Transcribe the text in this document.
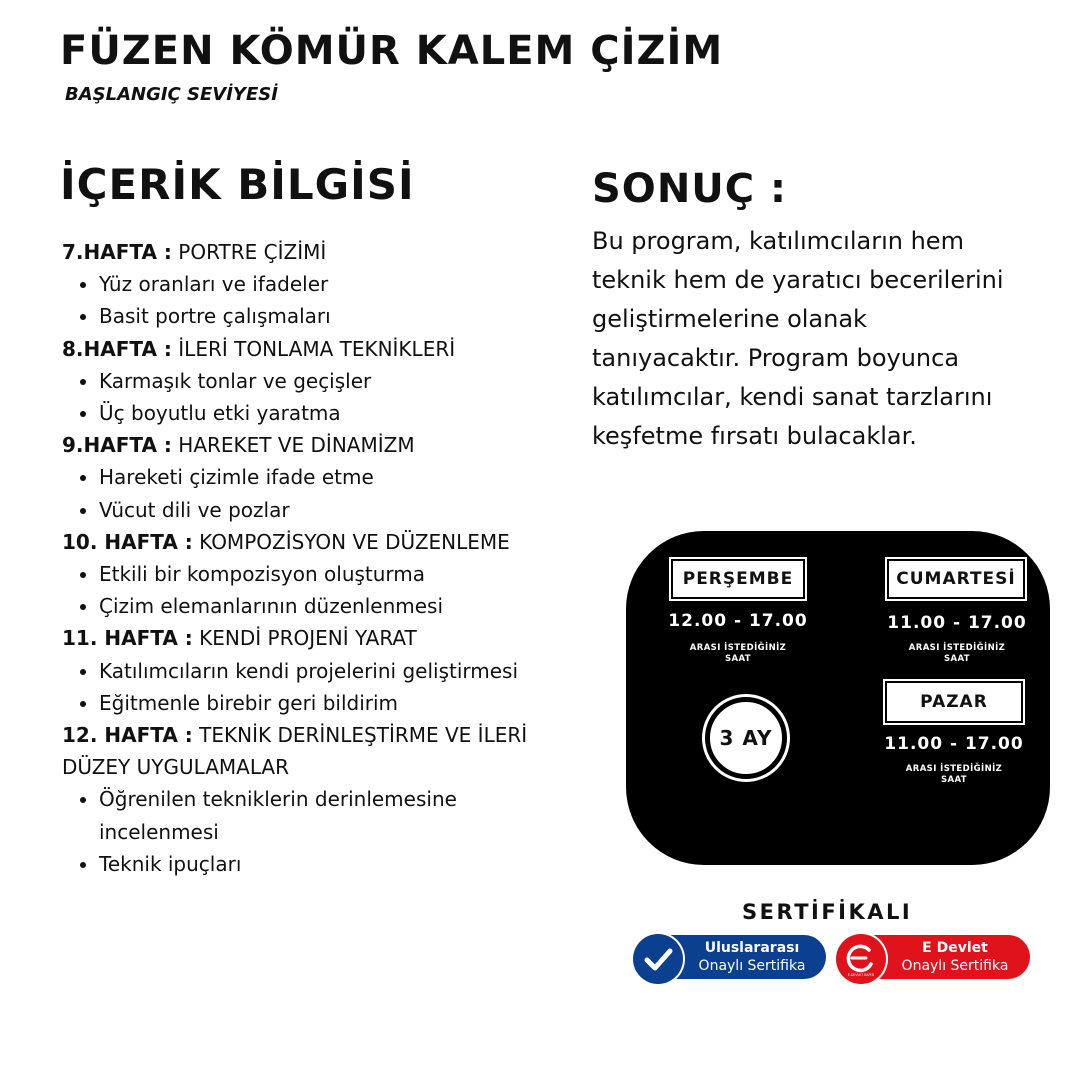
FÜZEN KÖMÜR KALEM ÇİZİM
BAŞLANGIÇ SEVİYESİ
İÇERİK BİLGİSİ
7.HAFTA : PORTRE ÇİZİMİ
• Yüz oranları ve ifadeler
• Basit portre çalışmaları
8.HAFTA : İLERİ TONLAMA TEKNİKLERİ
• Karmaşık tonlar ve geçişler
• Üç boyutlu etki yaratma
9.HAFTA : HAREKET VE DİNAMİZM
• Hareketi çizimle ifade etme
• Vücut dili ve pozlar
10. HAFTA : KOMPOZİSYON VE DÜZENLEME
• Etkili bir kompozisyon oluşturma
• Çizim elemanlarının düzenlenmesi
11. HAFTA : KENDİ PROJENİ YARAT
• Katılımcıların kendi projelerini geliştirmesi
• Eğitmenle birebir geri bildirim
12. HAFTA : TEKNİK DERİNLEŞTİRME VE İLERİ DÜZEY UYGULAMALAR
• Öğrenilen tekniklerin derinlemesine incelenmesi
• Teknik ipuçları
SONUÇ :
Bu program, katılımcıların hem teknik hem de yaratıcı becerilerini geliştirmelerine olanak tanıyacaktır. Program boyunca katılımcılar, kendi sanat tarzlarını keşfetme fırsatı bulacaklar.
PERŞEMBE
12.00 - 17.00
ARASI İSTEDİĞİNİZ
SAAT
CUMARTESİ
11.00 - 17.00
ARASI İSTEDİĞİNİZ
SAAT
PAZAR
11.00 - 17.00
ARASI İSTEDİĞİNİZ
SAAT
3 AY
SERTİFİKALI
Uluslararası
Onaylı Sertifika
E Devlet
Onaylı Sertifika
E-DEVLET KAPISI
